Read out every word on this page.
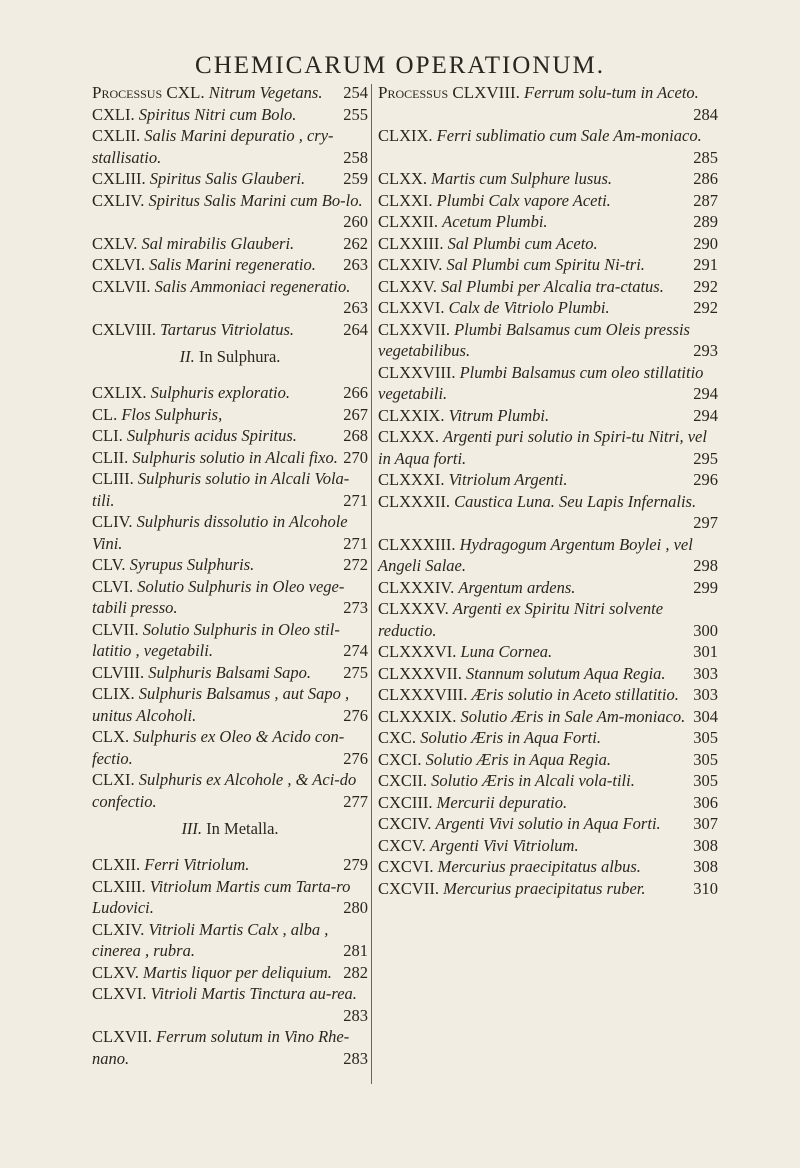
CHEMICARUM OPERATIONUM.
Processus CXL. Nitrum Vegetans. 254
CXLI. Spiritus Nitri cum Bolo.	255
CXLII. Salis Marini depuratio , cry-stallisatio.	258
CXLIII. Spiritus Salis Glauberi. 259
CXLIV. Spiritus Salis Marini cum Bo-lo.
260
CXLV. Sal mirabilis Glauberi.	262
CXLVI. Salis Marini regeneratio. 263
CXLVII. Salis Ammoniaci regeneratio.
263
CXLVIII. Tartarus Vitriolatus.	264
II. In Sulphura.
CXLIX. Sulphuris exploratio.	266
CL. Flos Sulphuris,	267
CLI. Sulphuris acidus Spiritus.	268
CLII. Sulphuris solutio in Alcali fixo. 270
CLIII. Sulphuris solutio in Alcali Vola-tili.	271
CLIV. Sulphuris dissolutio in Alcohole Vini.	271
CLV. Syrupus Sulphuris.	272
CLVI. Solutio Sulphuris in Oleo vege-tabili presso.	273
CLVII. Solutio Sulphuris in Oleo stil-latitio , vegetabili.	274
CLVIII. Sulphuris Balsami Sapo. 275
CLIX. Sulphuris Balsamus , aut Sapo , unitus Alcoholi.	276
CLX. Sulphuris ex Oleo & Acido con-fectio.	276
CLXI. Sulphuris ex Alcohole , & Aci-do confectio.	277
III. In Metalla.
CLXII. Ferri Vitriolum.	279
CLXIII. Vitriolum Martis cum Tarta-ro Ludovici.	280
CLXIV. Vitrioli Martis Calx , alba , cinerea , rubra.	281
CLXV. Martis liquor per deliquium. 282
CLXVI. Vitrioli Martis Tinctura au-rea.
283
CLXVII. Ferrum solutum in Vino Rhe-nano.	283
Processus CLXVIII. Ferrum solu-tum in Aceto.
284
CLXIX. Ferri sublimatio cum Sale Am-moniaco.
285
CLXX. Martis cum Sulphure lusus.	286
CLXXI. Plumbi Calx vapore Aceti.	287
CLXXII. Acetum Plumbi.	289
CLXXIII. Sal Plumbi cum Aceto.	290
CLXXIV. Sal Plumbi cum Spiritu Ni-tri.	291
CLXXV. Sal Plumbi per Alcalia tra-ctatus. 292
CLXXVI. Calx de Vitriolo Plumbi.	292
CLXXVII. Plumbi Balsamus cum Oleis pressis vegetabilibus.	293
CLXXVIII. Plumbi Balsamus cum oleo stillatitio vegetabili.	294
CLXXIX. Vitrum Plumbi.	294
CLXXX. Argenti puri solutio in Spiri-tu Nitri, vel in Aqua forti.	295
CLXXXI. Vitriolum Argenti.	296
CLXXXII. Caustica Luna. Seu Lapis Infernalis.
297
CLXXXIII. Hydragogum Argentum Boylei , vel Angeli Salae.	298
CLXXXIV. Argentum ardens.	299
CLXXXV. Argenti ex Spiritu Nitri solvente reductio.	300
CLXXXVI. Luna Cornea.	301
CLXXXVII. Stannum solutum Aqua Regia. 303
CLXXXVIII. Æris solutio in Aceto stillatitio. 303
CLXXXIX. Solutio Æris in Sale Am-moniaco. 304
CXC. Solutio Æris in Aqua Forti.	305
CXCI. Solutio Æris in Aqua Regia.	305
CXCII. Solutio Æris in Alcali vola-tili.	305
CXCIII. Mercurii depuratio.	306
CXCIV. Argenti Vivi solutio in Aqua Forti. 307
CXCV. Argenti Vivi Vitriolum.	308
CXCVI. Mercurius praecipitatus albus.	308
CXCVII. Mercurius praecipitatus ruber.	310
